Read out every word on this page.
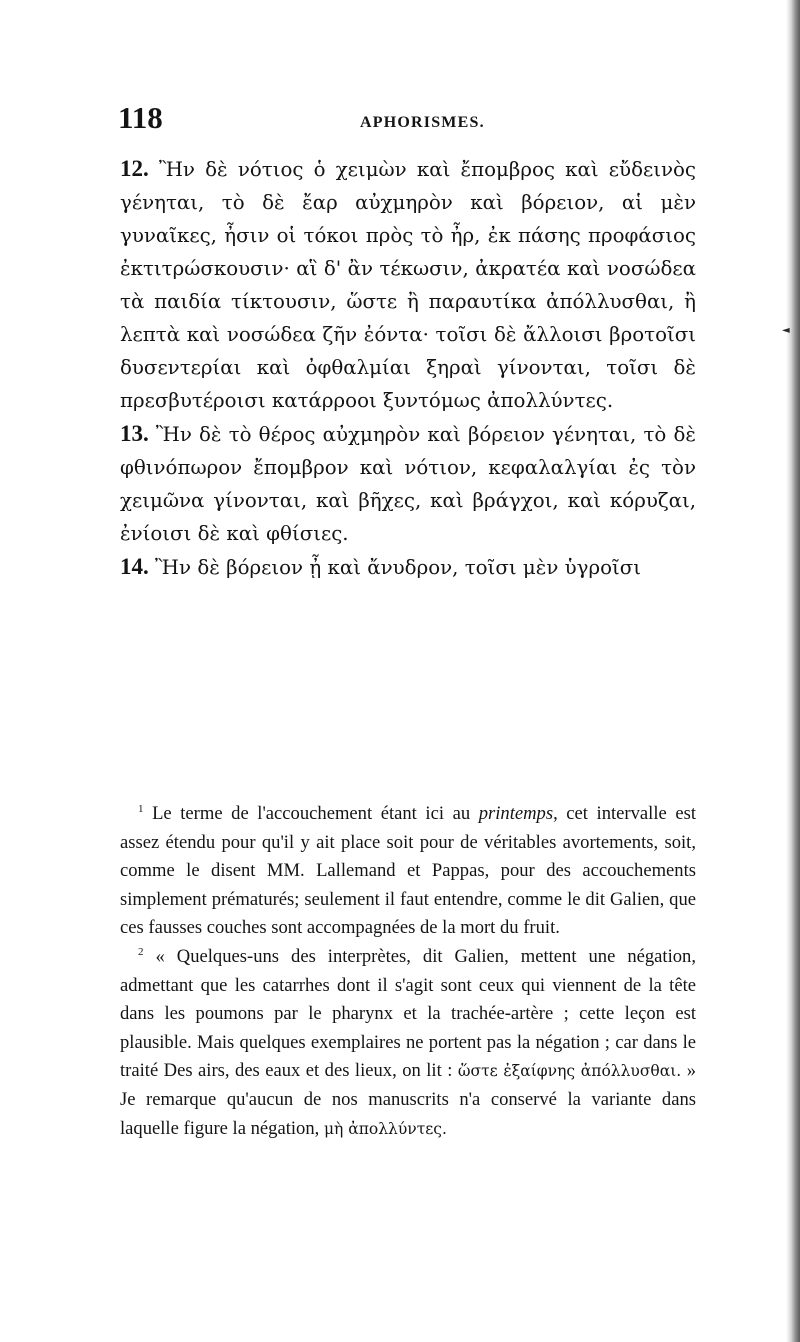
118	APHORISMES.

12. Ἢν δὲ νότιος ὁ χειμὼν καὶ ἔπομβρος καὶ εὔδεινὸς γένηται, τὸ δὲ ἔαρ αὐχμηρὸν καὶ βόρειον, αἱ μὲν γυναῖκες, ἦσιν οἱ τόκοι πρὸς τὸ ἦρ, ἐκ πάσης προφάσιος ἐκτιτρώσκουσιν· αἳ δ' ἂν τέκωσιν, ἀκρατέα καὶ νοσώδεα τὰ παιδία τίκτουσιν, ὥστε ἢ παραυτίκα ἀπόλλυσθαι, ἢ λεπτὰ καὶ νοσώδεα ζῆν ἐόντα· τοῖσι δὲ ἄλλοισι βροτοῖσι δυσεντερίαι καὶ ὀφθαλμίαι ξηραὶ γίνονται, τοῖσι δὲ πρεσβυτέροισι κατάρροοι ξυντόμως ἀπολλύντες.

13. Ἢν δὲ τὸ θέρος αὐχμηρὸν καὶ βόρειον γένηται, τὸ δὲ φθινόπωρον ἔπομβρον καὶ νότιον, κεφαλαλγίαι ἐς τὸν χειμῶνα γίνονται, καὶ βῆχες, καὶ βράγχοι, καὶ κόρυζαι, ἐνίοισι δὲ καὶ φθίσιες.

14. Ἢν δὲ βόρειον ᾖ καὶ ἄνυδρον, τοῖσι μὲν ὑγροῖσι

$^1$ Le terme de l'accouchement étant ici au printemps, cet intervalle est assez étendu pour qu'il y ait place soit pour de véritables avortements, soit, comme le disent MM. Lallemand et Pappas, pour des accouchements simplement prématurés; seulement il faut entendre, comme le dit Galien, que ces fausses couches sont accompagnées de la mort du fruit.

$^2$ « Quelques-uns des interprètes, dit Galien, mettent une négation, admettant que les catarrhes dont il s'agit sont ceux qui viennent de la tête dans les poumons par le pharynx et la trachée-artère ; cette leçon est plausible. Mais quelques exemplaires ne portent pas la négation ; car dans le traité Des airs, des eaux et des lieux, on lit : ὥστε ἐξαίφνης ἀπόλλυσθαι. » Je remarque qu'aucun de nos manuscrits n'a conservé la variante dans laquelle figure la négation, μὴ ἀπολλύντες.

◄
